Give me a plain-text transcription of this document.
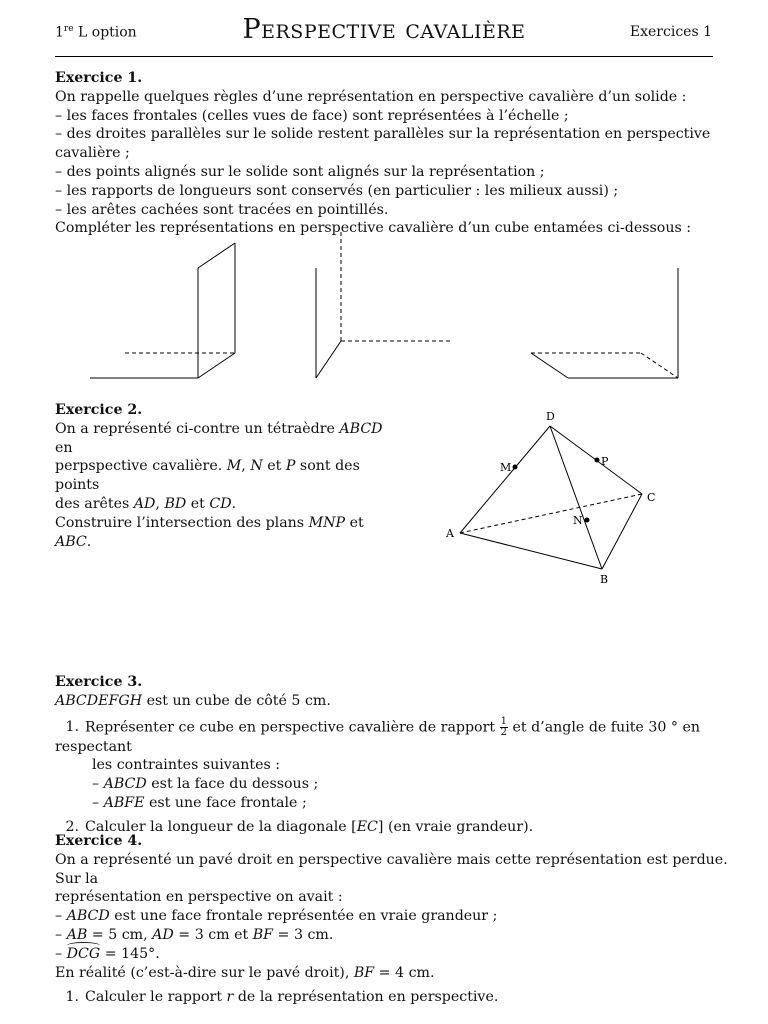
1re L option	Perspective cavalière	Exercices 1

Exercice 1.

On rappelle quelques règles d’une représentation en perspective cavalière d’un solide :

– les faces frontales (celles vues de face) sont représentées à l’échelle ;

– des droites parallèles sur le solide restent parallèles sur la représentation en perspective cavalière ;

– des points alignés sur le solide sont alignés sur la représentation ;

– les rapports de longueurs sont conservés (en particulier : les milieux aussi) ;

– les arêtes cachées sont tracées en pointillés.

Compléter les représentations en perspective cavalière d’un cube entamées ci-dessous :

Exercice 2.

On a représenté ci-contre un tétraèdre ABCD en

perpspective cavalière. M, N et P sont des points

des arêtes AD, BD et CD.

Construire l’intersection des plans MNP et ABC.

D
M	P
C
N
A
B

Exercice 3.

ABCDEFGH est un cube de côté 5 cm.

1. Représenter ce cube en perspective cavalière de rapport $\frac{1}{2}$ et d’angle de fuite 30 ° en respectant

les contraintes suivantes :

– ABCD est la face du dessous ;

– ABFE est une face frontale ;

2. Calculer la longueur de la diagonale [EC] (en vraie grandeur).

Exercice 4.

On a représenté un pavé droit en perspective cavalière mais cette représentation est perdue. Sur la

représentation en perspective on avait :

– ABCD est une face frontale représentée en vraie grandeur ;

– AB = 5 cm, AD = 3 cm et BF = 3 cm.

– DCG = 145°.

En réalité (c’est-à-dire sur le pavé droit), BF = 4 cm.

1. Calculer le rapport r de la représentation en perspective.
